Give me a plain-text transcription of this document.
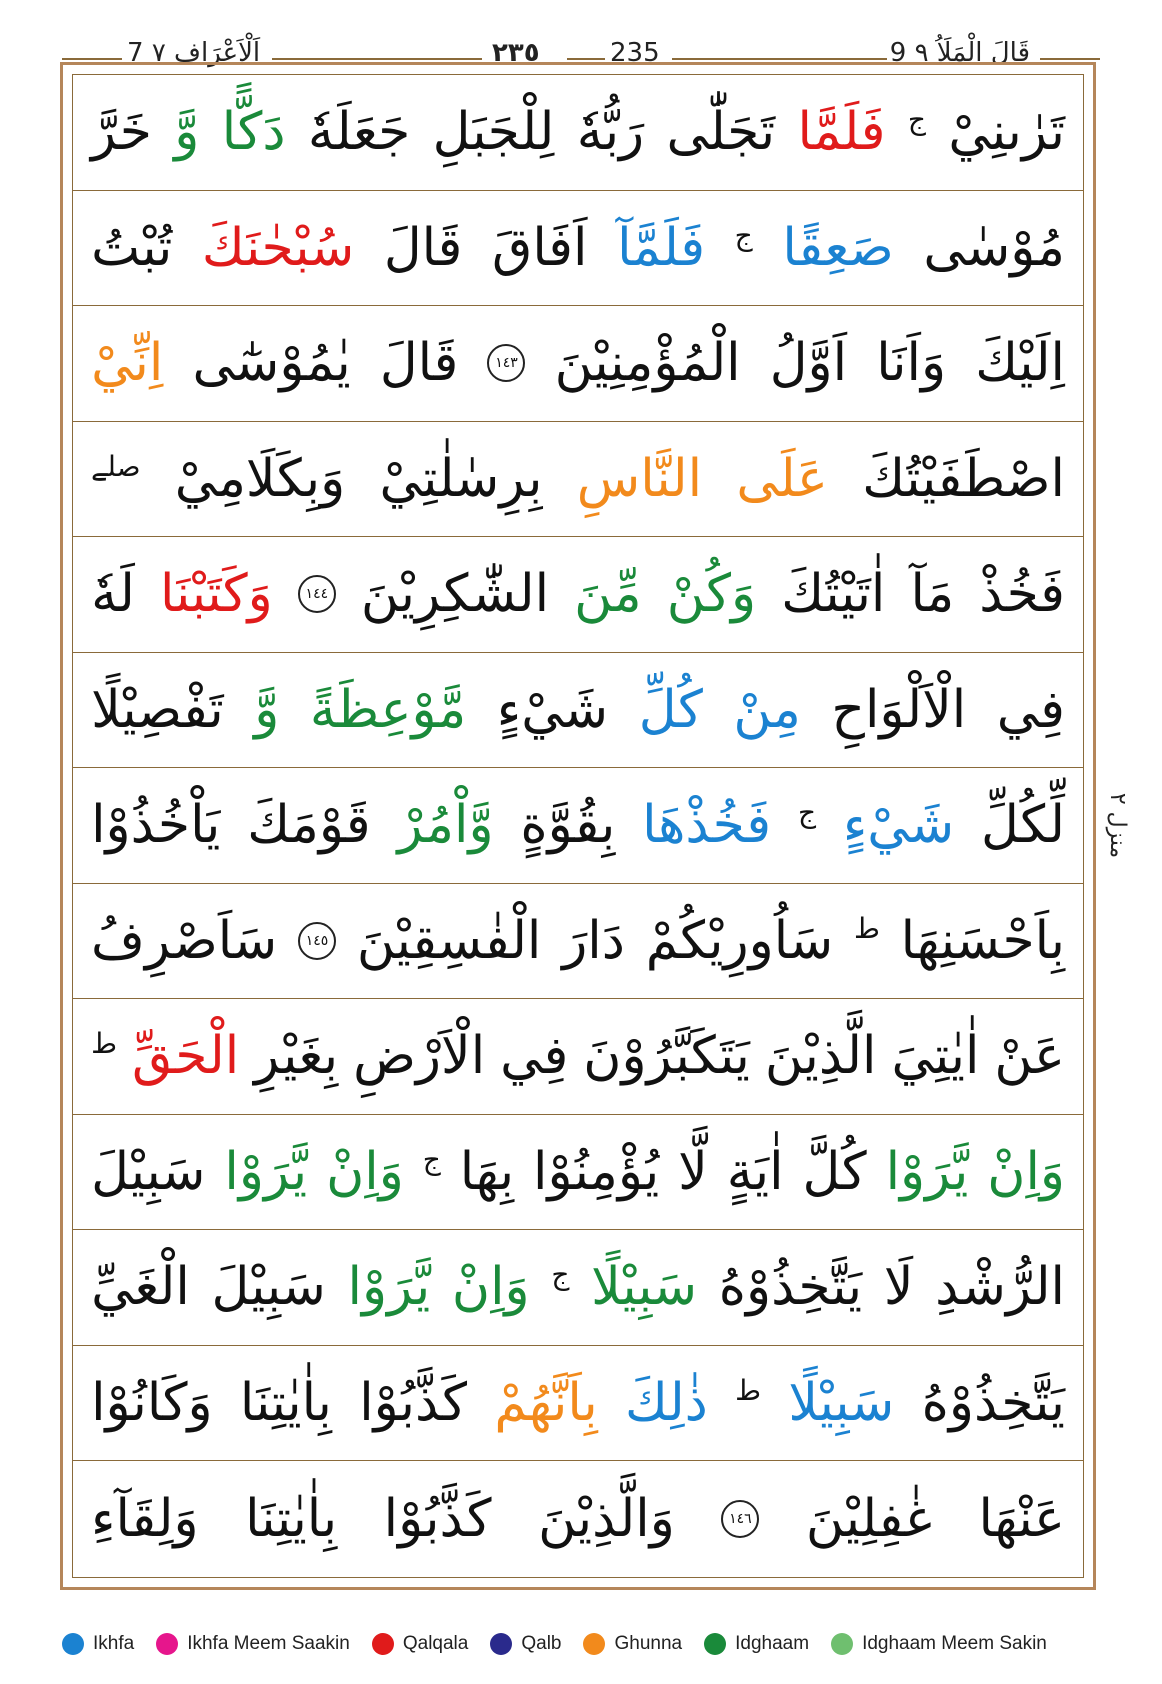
7 اَلْاَعْرَاف ۷	٢٣٥	235	9 قَالَ الْمَلَاُ ۹
تَرٰىنِيْ
ج
فَلَمَّا
تَجَلّٰى
رَبُّهٗ
لِلْجَبَلِ
جَعَلَهٗ
دَكًّا
وَّ
خَرَّ
مُوْسٰى
صَعِقًا
ج
فَلَمَّآ
اَفَاقَ
قَالَ
سُبْحٰنَكَ
تُبْتُ
اِلَيْكَ
وَاَنَا
اَوَّلُ
الْمُؤْمِنِيْنَ
١٤٣
قَالَ
يٰمُوْسٰٓى
اِنِّيْ
اصْطَفَيْتُكَ
عَلَى
النَّاسِ
بِرِسٰلٰتِيْ
وَبِكَلَامِيْ
صلے
فَخُذْ
مَآ
اٰتَيْتُكَ
وَكُنْ
مِّنَ
الشّٰكِرِيْنَ
١٤٤
وَكَتَبْنَا
لَهٗ
فِي
الْاَلْوَاحِ
مِنْ
كُلِّ
شَيْءٍ
مَّوْعِظَةً
وَّ
تَفْصِيْلًا
لِّكُلِّ
شَيْءٍ
ج
فَخُذْهَا
بِقُوَّةٍ
وَّاْمُرْ
قَوْمَكَ
يَاْخُذُوْا
بِاَحْسَنِهَا
ط
سَاُورِيْكُمْ
دَارَ
الْفٰسِقِيْنَ
١٤٥
سَاَصْرِفُ
عَنْ
اٰيٰتِيَ
الَّذِيْنَ
يَتَكَبَّرُوْنَ
فِي
الْاَرْضِ
بِغَيْرِ
الْحَقِّ
ط
وَاِنْ
يَّرَوْا
كُلَّ
اٰيَةٍ
لَّا
يُؤْمِنُوْا
بِهَا
ج
وَاِنْ
يَّرَوْا
سَبِيْلَ
الرُّشْدِ
لَا
يَتَّخِذُوْهُ
سَبِيْلًا
ج
وَاِنْ
يَّرَوْا
سَبِيْلَ
الْغَيِّ
يَتَّخِذُوْهُ
سَبِيْلًا
ط
ذٰلِكَ
بِاَنَّهُمْ
كَذَّبُوْا
بِاٰيٰتِنَا
وَكَانُوْا
عَنْهَا
غٰفِلِيْنَ
١٤٦
وَالَّذِيْنَ
كَذَّبُوْا
بِاٰيٰتِنَا
وَلِقَآءِ
منزل ٢
Ikhfa	Ikhfa Meem Saakin	Qalqala	Qalb	Ghunna	Idghaam	Idghaam Meem Sakin
